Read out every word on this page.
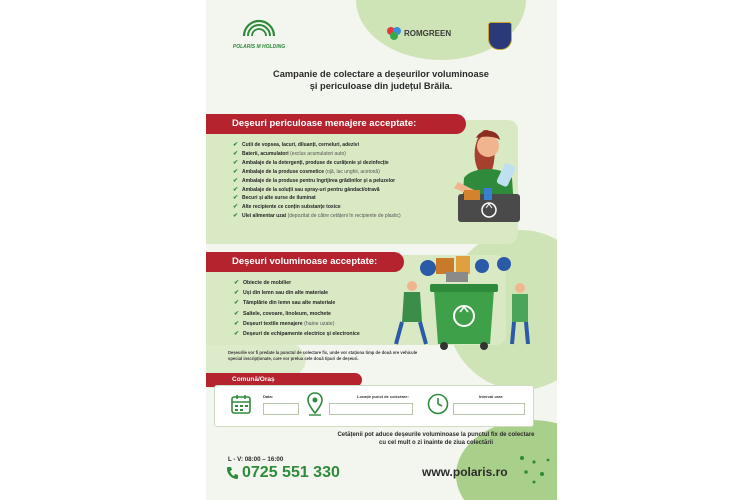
POLARIS M HOLDING
ROMGREEN
Campanie de colectare a deșeurilor voluminoase
și periculoase din județul Brăila.
Deșeuri periculoase menajere acceptate:
✔ Cutii de vopsea, lacuri, diluanți, cerneluri, adezivi
✔ Baterii, acumulatori
(exclus acumulatori auto)
✔ Ambalaje de la detergenți, produse de curățenie și dezinfecție
✔ Ambalaje de la produse cosmetice
(ojă, lac unghii, acetonă)
✔ Ambalaje de la produse pentru îngrijirea grădinilor și a peluzelor
✔ Ambalaje de la soluții sau spray-uri pentru gândaci/otravă
✔ Becuri și alte surse de iluminat
✔ Alte recipiente ce conțin substanțe toxice
✔ Ulei alimentar uzat
(depozitat de către cetățeni în recipiente de plastic)
Deșeuri voluminoase acceptate:
✔ Obiecte de mobilier
✔ Uși din lemn sau din alte materiale
✔ Tâmplărie din lemn sau alte materiale
✔ Saltele, covoare, linoleum, mochete
✔ Deșeuri textile menajere
(haine uzate)
✔ Deșeuri de echipamente electrice și electronice
Deșeurile vor fi predate la punctul de colectare fix, unde vor staționa timp de două ore vehicule special inscripționate, care vor prelua cele două tipuri de deșeuri.
Comună/Oraș
Data:	Locație punct de colectare:	Interval orar:
Cetățenii pot aduce deșeurile voluminoase la punctul fix de colectare cu cel mult o zi înainte de ziua colectării
L - V: 08:00 – 16:00
0725 551 330	www.polaris.ro
